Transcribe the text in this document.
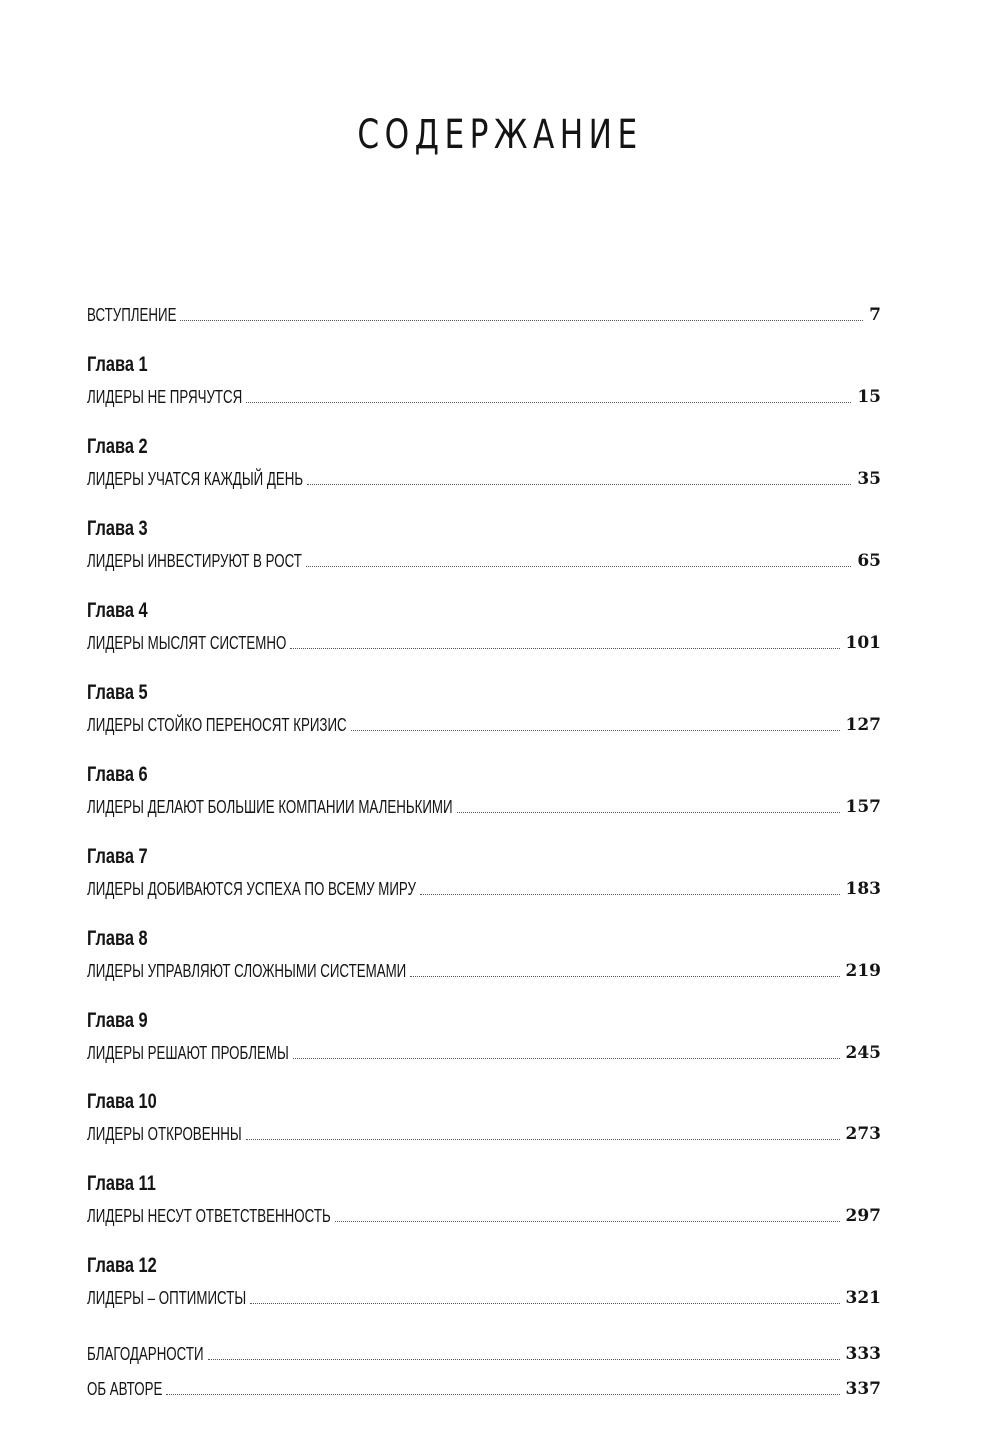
СОДЕРЖАНИЕ
ВСТУПЛЕНИЕ	7
Глава 1
ЛИДЕРЫ НЕ ПРЯЧУТСЯ	15
Глава 2
ЛИДЕРЫ УЧАТСЯ КАЖДЫЙ ДЕНЬ	35
Глава 3
ЛИДЕРЫ ИНВЕСТИРУЮТ В РОСТ	65
Глава 4
ЛИДЕРЫ МЫСЛЯТ СИСТЕМНО	101
Глава 5
ЛИДЕРЫ СТОЙКО ПЕРЕНОСЯТ КРИЗИС	127
Глава 6
ЛИДЕРЫ ДЕЛАЮТ БОЛЬШИЕ КОМПАНИИ МАЛЕНЬКИМИ	157
Глава 7
ЛИДЕРЫ ДОБИВАЮТСЯ УСПЕХА ПО ВСЕМУ МИРУ	183
Глава 8
ЛИДЕРЫ УПРАВЛЯЮТ СЛОЖНЫМИ СИСТЕМАМИ	219
Глава 9
ЛИДЕРЫ РЕШАЮТ ПРОБЛЕМЫ	245
Глава 10
ЛИДЕРЫ ОТКРОВЕННЫ	273
Глава 11
ЛИДЕРЫ НЕСУТ ОТВЕТСТВЕННОСТЬ	297
Глава 12
ЛИДЕРЫ – ОПТИМИСТЫ	321
БЛАГОДАРНОСТИ	333
ОБ АВТОРЕ	337
